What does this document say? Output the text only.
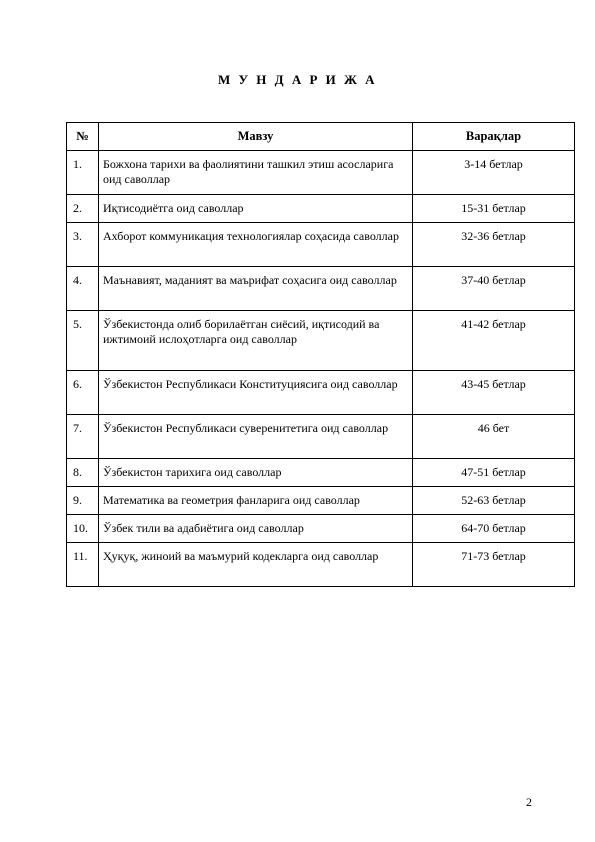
М У Н Д А Р И Ж А
№	Мавзу	Варақлар
1.	Божхона тарихи ва фаолиятини ташкил этиш асосларига оид саволлар	3-14 бетлар
2.	Иқтисодиётга оид саволлар	15-31 бетлар
3.	Ахборот коммуникация технологиялар соҳасида саволлар	32-36 бетлар
4.	Маънавият, маданият ва маърифат соҳасига оид саволлар	37-40 бетлар
5.	Ўзбекистонда олиб борилаётган сиёсий, иқтисодий ва ижтимоий ислоҳотларга оид саволлар	41-42 бетлар
6.	Ўзбекистон Республикаси Конституциясига оид саволлар	43-45 бетлар
7.	Ўзбекистон Республикаси суверенитетига оид саволлар	46 бет
8.	Ўзбекистон тарихига оид саволлар	47-51 бетлар
9.	Математика ва геометрия фанларига оид саволлар	52-63 бетлар
10.	Ўзбек тили ва адабиётига оид саволлар	64-70 бетлар
11.	Ҳуқуқ, жиноий ва маъмурий кодекларга оид саволлар	71-73 бетлар
2
